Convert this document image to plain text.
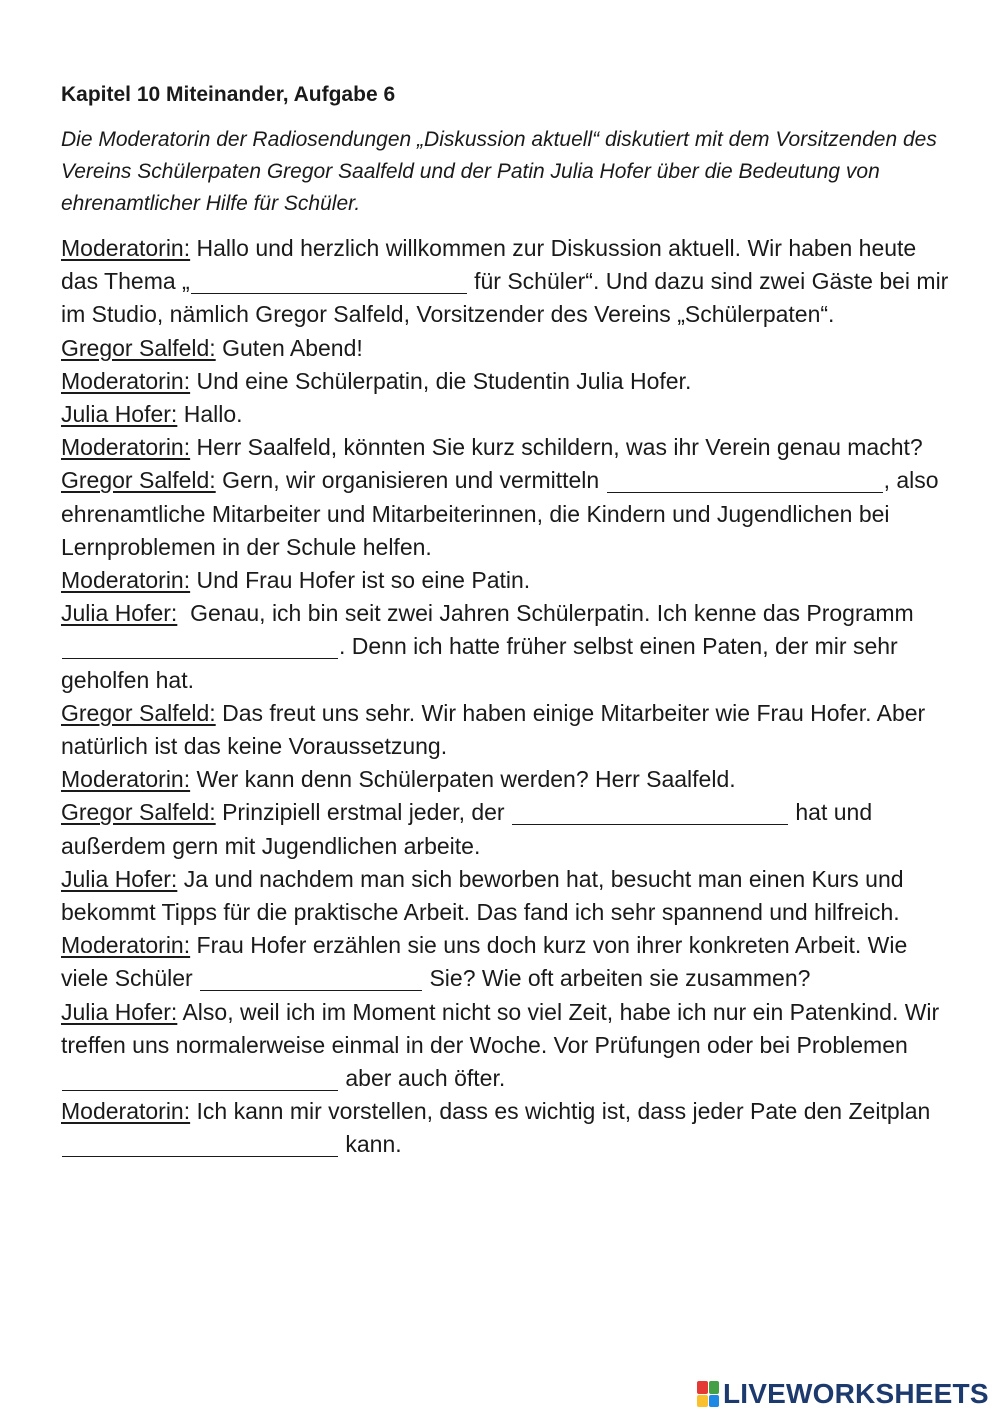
Kapitel 10 Miteinander, Aufgabe 6

Die Moderatorin der Radiosendungen „Diskussion aktuell“ diskutiert mit dem Vorsitzenden des Vereins Schülerpaten Gregor Saalfeld und der Patin Julia Hofer über die Bedeutung von ehrenamtlicher Hilfe für Schüler.

Moderatorin: Hallo und herzlich willkommen zur Diskussion aktuell. Wir haben heute das Thema „	für Schüler“. Und dazu sind zwei Gäste bei mir im Studio, nämlich Gregor Salfeld, Vorsitzender des Vereins „Schülerpaten“.

Gregor Salfeld: Guten Abend!

Moderatorin: Und eine Schülerpatin, die Studentin Julia Hofer.

Julia Hofer: Hallo.

Moderatorin: Herr Saalfeld, könnten Sie kurz schildern, was ihr Verein genau macht?

Gregor Salfeld: Gern, wir organisieren und vermitteln	, also ehrenamtliche Mitarbeiter und Mitarbeiterinnen, die Kindern und Jugendlichen bei Lernproblemen in der Schule helfen.

Moderatorin: Und Frau Hofer ist so eine Patin.

Julia Hofer:  Genau, ich bin seit zwei Jahren Schülerpatin. Ich kenne das Programm . Denn ich hatte früher selbst einen Paten, der mir sehr geholfen hat.

Gregor Salfeld: Das freut uns sehr. Wir haben einige Mitarbeiter wie Frau Hofer. Aber natürlich ist das keine Voraussetzung.

Moderatorin: Wer kann denn Schülerpaten werden? Herr Saalfeld.

Gregor Salfeld: Prinzipiell erstmal jeder, der	hat und außerdem gern mit Jugendlichen arbeite.

Julia Hofer: Ja und nachdem man sich beworben hat, besucht man einen Kurs und bekommt Tipps für die praktische Arbeit. Das fand ich sehr spannend und hilfreich.

Moderatorin: Frau Hofer erzählen sie uns doch kurz von ihrer konkreten Arbeit. Wie viele Schüler	Sie? Wie oft arbeiten sie zusammen?

Julia Hofer: Also, weil ich im Moment nicht so viel Zeit, habe ich nur ein Patenkind. Wir treffen uns normalerweise einmal in der Woche. Vor Prüfungen oder bei Problemen  aber auch öfter.

Moderatorin: Ich kann mir vorstellen, dass es wichtig ist, dass jeder Pate den Zeitplan  kann.

LIVEWORKSHEETS
